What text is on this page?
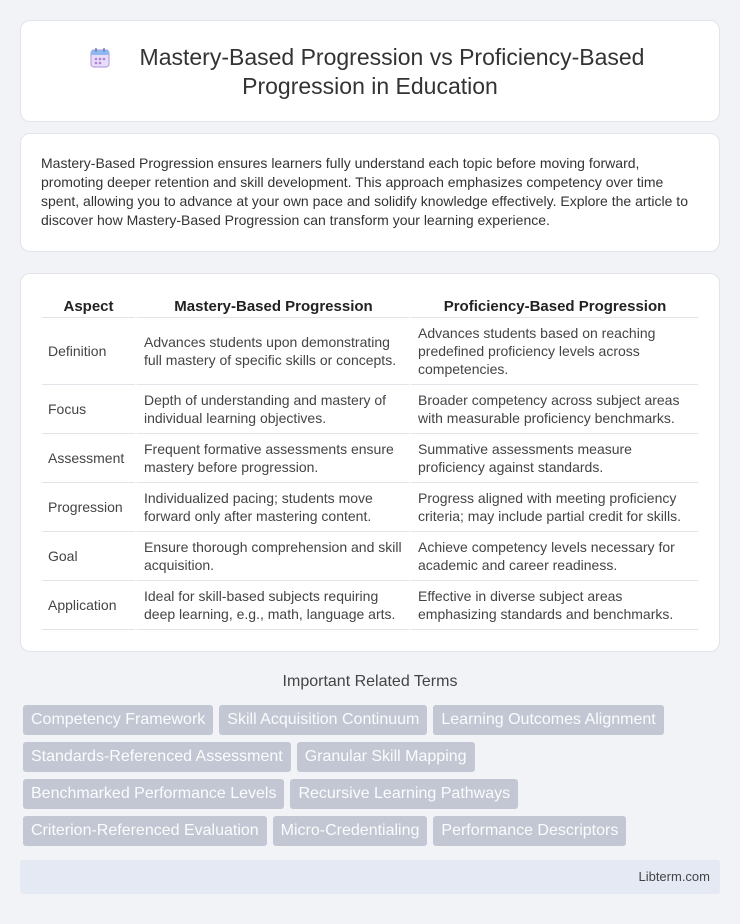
Mastery-Based Progression vs Proficiency-Based
Progression in Education

Mastery-Based Progression ensures learners fully understand each topic before moving forward, promoting deeper retention and skill development. This approach emphasizes competency over time spent, allowing you to advance at your own pace and solidify knowledge effectively. Explore the article to discover how Mastery-Based Progression can transform your learning experience.

Aspect	Mastery-Based Progression	Proficiency-Based Progression
Definition	Advances students upon demonstrating full mastery of specific skills or concepts.	Advances students based on reaching predefined proficiency levels across competencies.
Focus	Depth of understanding and mastery of individual learning objectives.	Broader competency across subject areas with measurable proficiency benchmarks.
Assessment	Frequent formative assessments ensure mastery before progression.	Summative assessments measure proficiency against standards.
Progression	Individualized pacing; students move forward only after mastering content.	Progress aligned with meeting proficiency criteria; may include partial credit for skills.
Goal	Ensure thorough comprehension and skill acquisition.	Achieve competency levels necessary for academic and career readiness.
Application	Ideal for skill-based subjects requiring deep learning, e.g., math, language arts.	Effective in diverse subject areas emphasizing standards and benchmarks.
Important Related Terms
Competency Framework	Skill Acquisition Continuum	Learning Outcomes Alignment
Standards-Referenced Assessment	Granular Skill Mapping
Benchmarked Performance Levels	Recursive Learning Pathways
Criterion-Referenced Evaluation	Micro-Credentialing	Performance Descriptors
Libterm.com
